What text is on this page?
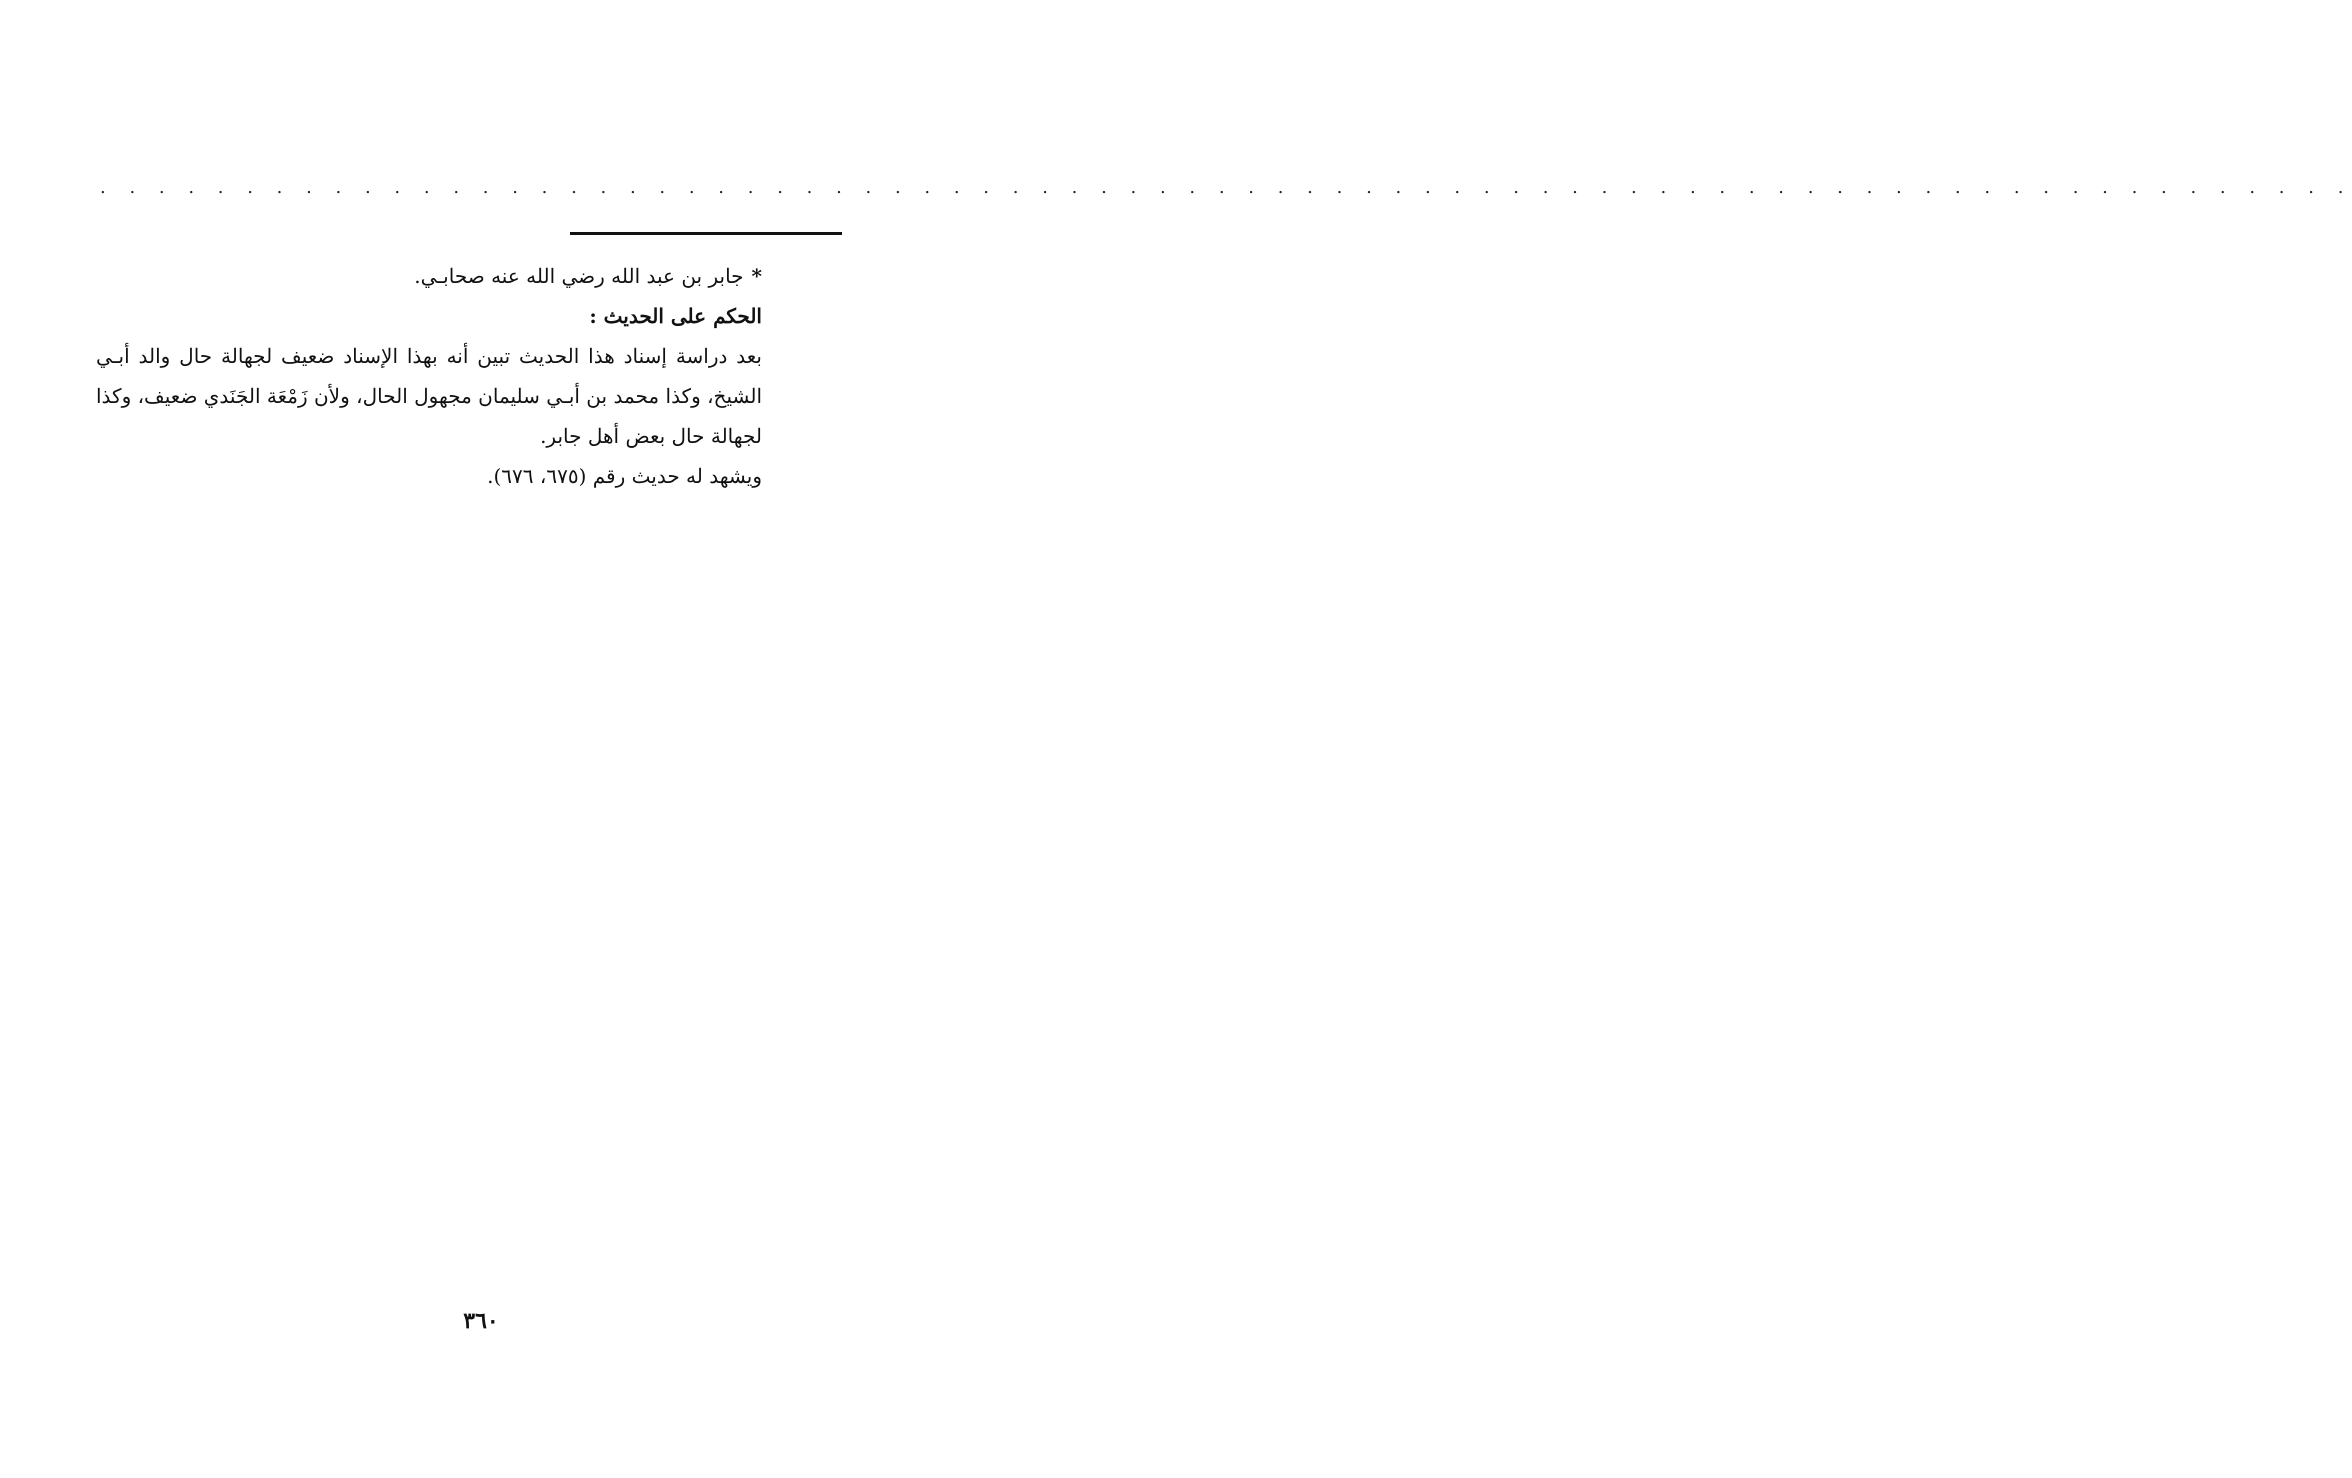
. . . . . . . . . . . . . . . . . . . . . . . . . . . . . . . . . . . . . . . . . . . . . . . . . . . . . . . . . . . . . . . . . . . . . . . . . . . . .

*جابر بن عبد الله رضي الله عنه صحابـي.

الحكم على الحديث :

بعد دراسة إسناد هذا الحديث تبين أنه بهذا الإسناد ضعيف لجهالة حال والد أبـي الشيخ، وكذا محمد بن أبـي سليمان مجهول الحال، ولأن زَمْعَة الجَنَدي ضعيف، وكذا لجهالة حال بعض أهل جابر.

ويشهد له حديث رقم (٦٧٥، ٦٧٦).

٣٦٠
